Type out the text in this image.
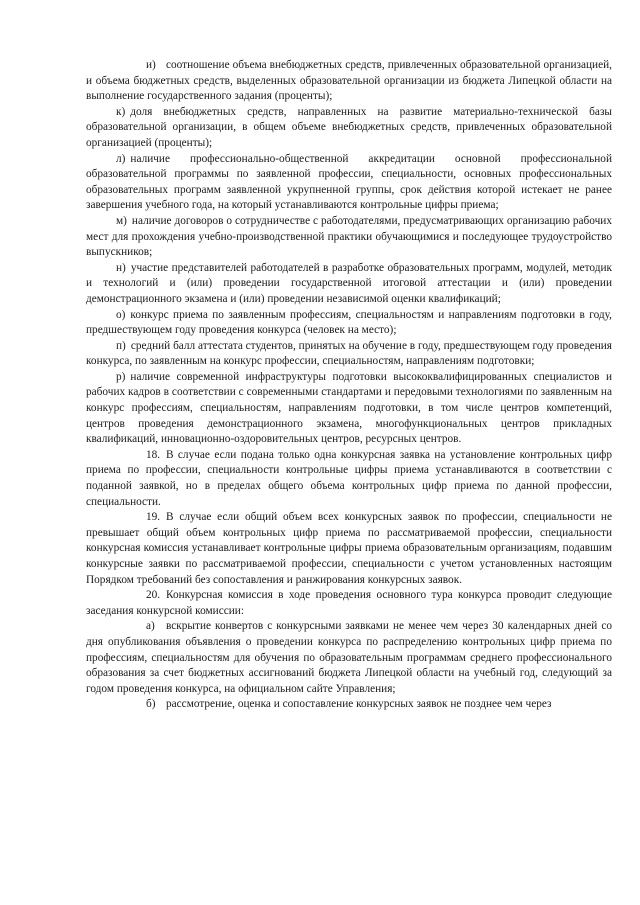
и) соотношение объема внебюджетных средств, привлеченных образовательной организацией, и объема бюджетных средств, выделенных образовательной организации из бюджета Липецкой области на выполнение государственного задания (проценты);

к) доля внебюджетных средств, направленных на развитие материально-технической базы образовательной организации, в общем объеме внебюджетных средств, привлеченных образовательной организацией (проценты);

л) наличие профессионально-общественной аккредитации основной профессиональной образовательной программы по заявленной профессии, специальности, основных профессиональных образовательных программ заявленной укрупненной группы, срок действия которой истекает не ранее завершения учебного года, на который устанавливаются контрольные цифры приема;

м) наличие договоров о сотрудничестве с работодателями, предусматривающих организацию рабочих мест для прохождения учебно-производственной практики обучающимися и последующее трудоустройство выпускников;

н) участие представителей работодателей в разработке образовательных программ, модулей, методик и технологий и (или) проведении государственной итоговой аттестации и (или) проведении демонстрационного экзамена и (или) проведении независимой оценки квалификаций;

о) конкурс приема по заявленным профессиям, специальностям и направлениям подготовки в году, предшествующем году проведения конкурса (человек на место);

п) средний балл аттестата студентов, принятых на обучение в году, предшествующем году проведения конкурса, по заявленным на конкурс профессии, специальностям, направлениям подготовки;

р) наличие современной инфраструктуры подготовки высококвалифицированных специалистов и рабочих кадров в соответствии с современными стандартами и передовыми технологиями по заявленным на конкурс профессиям, специальностям, направлениям подготовки, в том числе центров компетенций, центров проведения демонстрационного экзамена, многофункциональных центров прикладных квалификаций, инновационно-оздоровительных центров, ресурсных центров.

18. В случае если подана только одна конкурсная заявка на установление контрольных цифр приема по профессии, специальности контрольные цифры приема устанавливаются в соответствии с поданной заявкой, но в пределах общего объема контрольных цифр приема по данной профессии, специальности.

19. В случае если общий объем всех конкурсных заявок по профессии, специальности не превышает общий объем контрольных цифр приема по рассматриваемой профессии, специальности конкурсная комиссия устанавливает контрольные цифры приема образовательным организациям, подавшим конкурсные заявки по рассматриваемой профессии, специальности с учетом установленных настоящим Порядком требований без сопоставления и ранжирования конкурсных заявок.

20. Конкурсная комиссия в ходе проведения основного тура конкурса проводит следующие заседания конкурсной комиссии:

а) вскрытие конвертов с конкурсными заявками не менее чем через 30 календарных дней со дня опубликования объявления о проведении конкурса по распределению контрольных цифр приема по профессиям, специальностям для обучения по образовательным программам среднего профессионального образования за счет бюджетных ассигнований бюджета Липецкой области на учебный год, следующий за годом проведения конкурса, на официальном сайте Управления;

б) рассмотрение, оценка и сопоставление конкурсных заявок не позднее чем через
